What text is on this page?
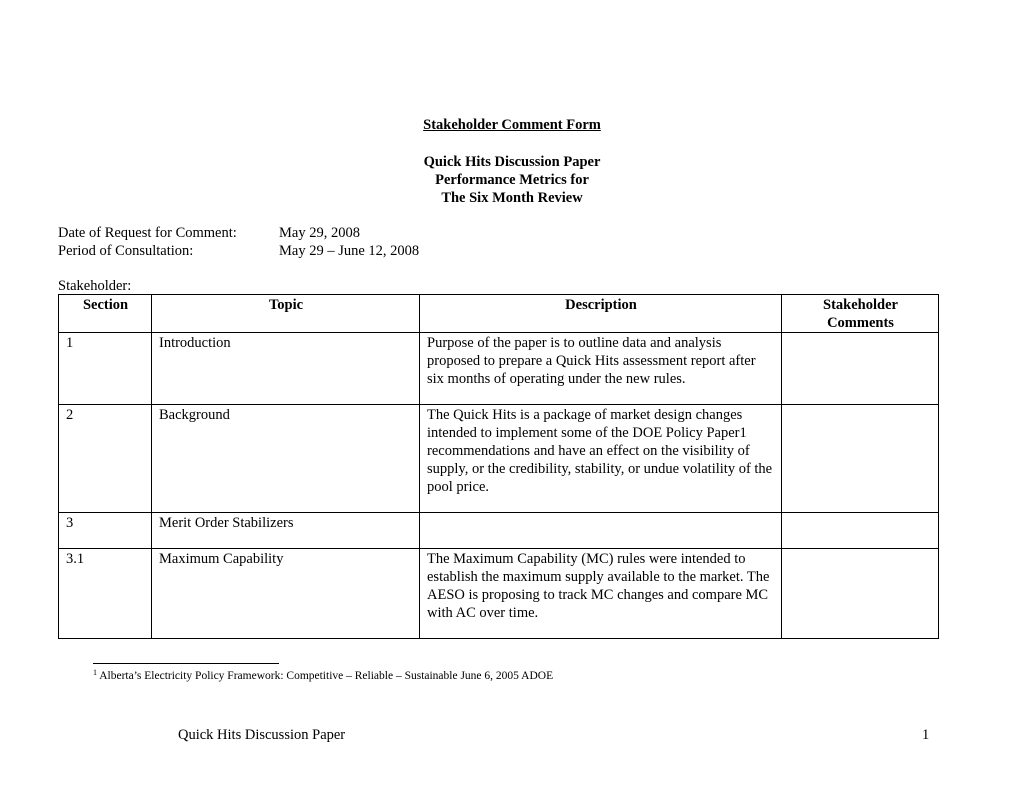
Stakeholder Comment Form
Quick Hits Discussion Paper
Performance Metrics for
The Six Month Review
Date of Request for Comment:	May 29, 2008
Period of Consultation:	May 29 – June 12, 2008
Stakeholder:
Section	Topic	Description	Stakeholder
Comments

1	Introduction	Purpose of the paper is to outline data and analysis proposed to prepare a Quick Hits assessment report after six months of operating under the new rules.	
2	Background	The Quick Hits is a package of market design changes intended to implement some of the DOE Policy Paper1 recommendations and have an effect on the visibility of supply, or the credibility, stability, or undue volatility of the pool price.	
3	Merit Order Stabilizers		
3.1	Maximum Capability	The Maximum Capability (MC) rules were intended to establish the maximum supply available to the market. The AESO is proposing to track MC changes and compare MC with AC over time.	
$^1$ Alberta’s Electricity Policy Framework: Competitive – Reliable – Sustainable June 6, 2005 ADOE
Quick Hits Discussion Paper	1
